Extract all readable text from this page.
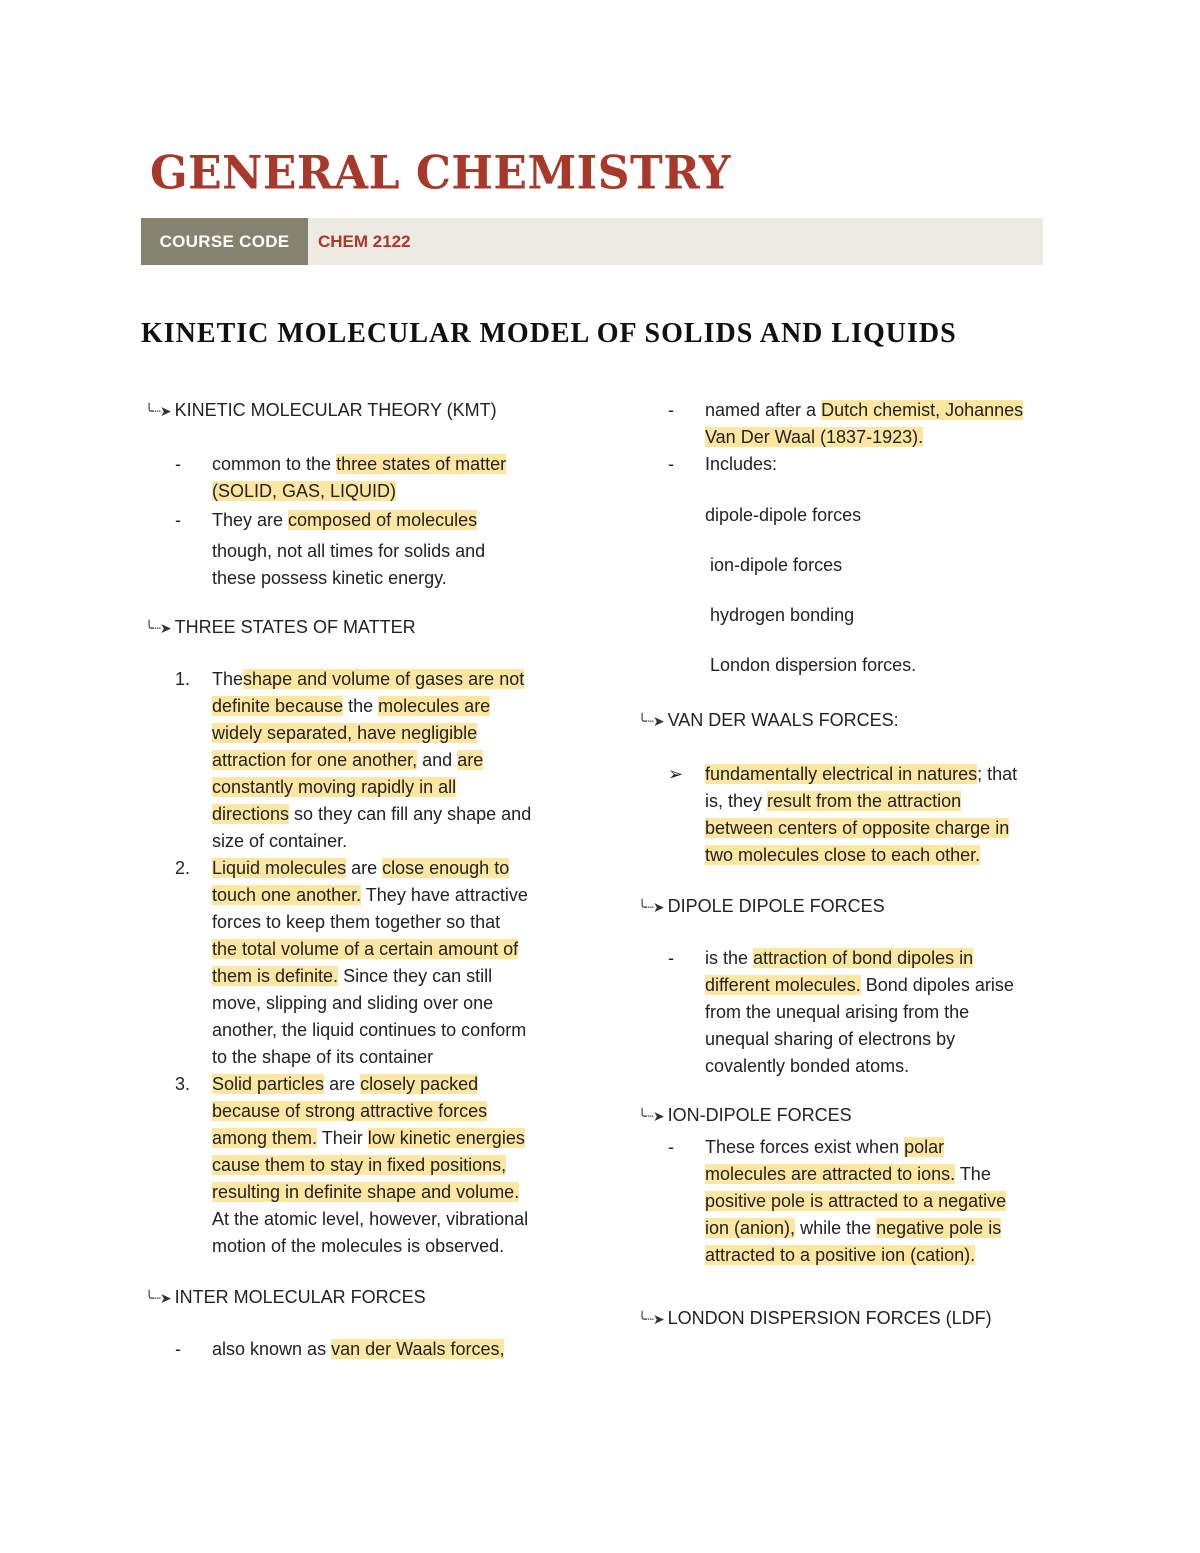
GENERAL CHEMISTRY
COURSE CODE	CHEM 2122
KINETIC MOLECULAR MODEL OF SOLIDS AND LIQUIDS
╰┈➤ KINETIC MOLECULAR THEORY (KMT)
- common to the three states of matter
(SOLID, GAS, LIQUID)
- They are composed of molecules
though, not all times for solids and
these possess kinetic energy.
╰┈➤ THREE STATES OF MATTER
1. Theshape and volume of gases are not
definite because the molecules are
widely separated, have negligible
attraction for one another, and are
constantly moving rapidly in all
directions so they can fill any shape and
size of container.
2. Liquid molecules are close enough to
touch one another. They have attractive
forces to keep them together so that
the total volume of a certain amount of
them is definite. Since they can still
move, slipping and sliding over one
another, the liquid continues to conform
to the shape of its container
3. Solid particles are closely packed
because of strong attractive forces
among them. Their low kinetic energies
cause them to stay in fixed positions,
resulting in definite shape and volume.
At the atomic level, however, vibrational
motion of the molecules is observed.
╰┈➤ INTER MOLECULAR FORCES
- also known as van der Waals forces,
- named after a Dutch chemist, Johannes
Van Der Waal (1837-1923).
- Includes:
dipole-dipole forces
ion-dipole forces
hydrogen bonding
London dispersion forces.
╰┈➤ VAN DER WAALS FORCES:
➢ fundamentally electrical in natures; that
is, they result from the attraction
between centers of opposite charge in
two molecules close to each other.
╰┈➤ DIPOLE DIPOLE FORCES
- is the attraction of bond dipoles in
different molecules. Bond dipoles arise
from the unequal arising from the
unequal sharing of electrons by
covalently bonded atoms.
╰┈➤ ION-DIPOLE FORCES
- These forces exist when polar
molecules are attracted to ions. The
positive pole is attracted to a negative
ion (anion), while the negative pole is
attracted to a positive ion (cation).
╰┈➤ LONDON DISPERSION FORCES (LDF)
